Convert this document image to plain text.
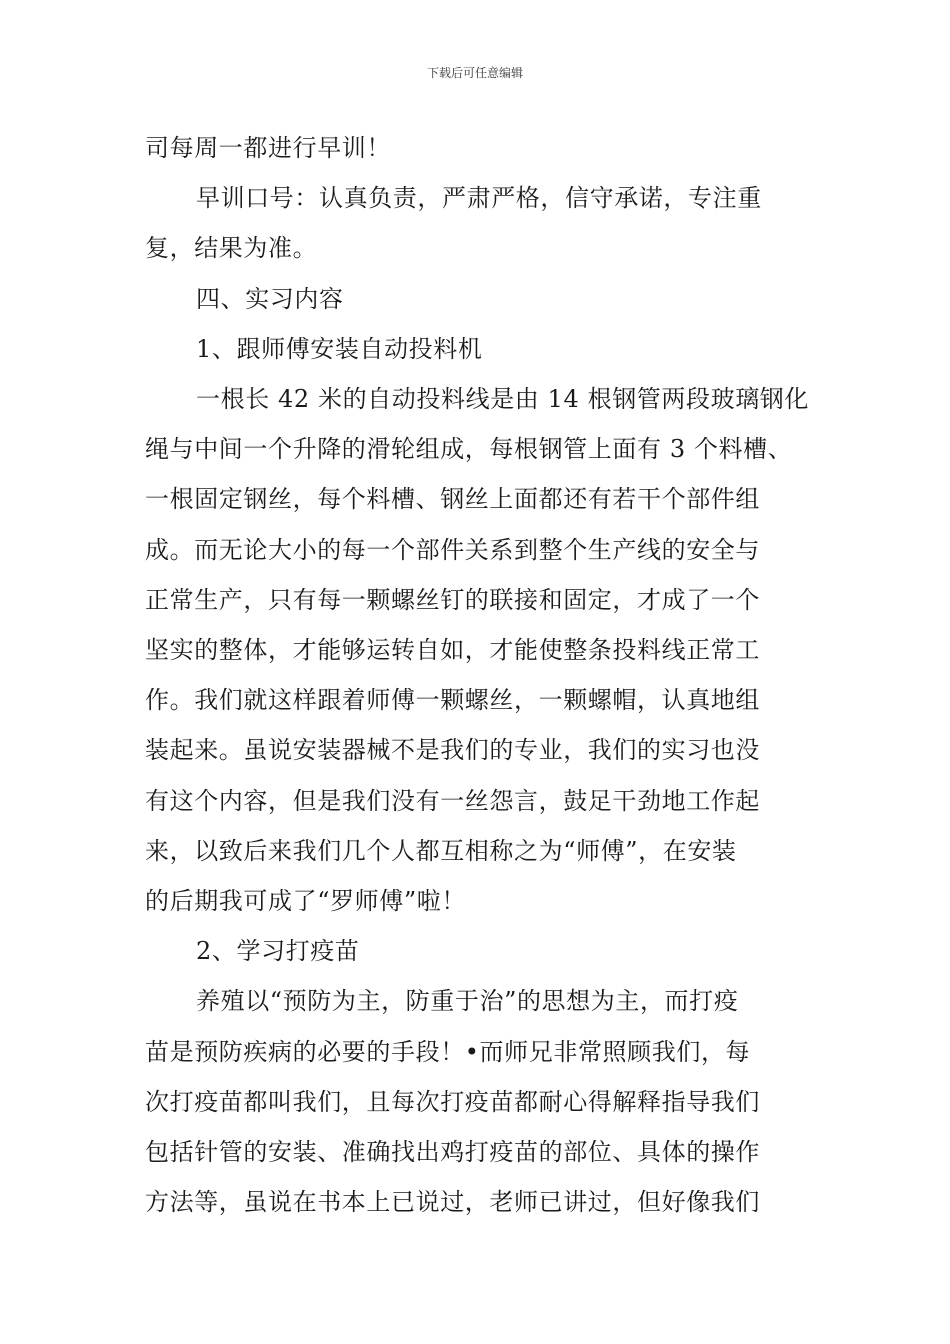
下载后可任意编辑
司每周一都进行早训！
早训口号：认真负责，严肃严格，信守承诺，专注重
复，结果为准。
四、实习内容
1、跟师傅安装自动投料机
一根长 42 米的自动投料线是由 14 根钢管两段玻璃钢化
绳与中间一个升降的滑轮组成，每根钢管上面有 3 个料槽、
一根固定钢丝，每个料槽、钢丝上面都还有若干个部件组
成。而无论大小的每一个部件关系到整个生产线的安全与
正常生产，只有每一颗螺丝钉的联接和固定，才成了一个
坚实的整体，才能够运转自如，才能使整条投料线正常工
作。我们就这样跟着师傅一颗螺丝，一颗螺帽，认真地组
装起来。虽说安装器械不是我们的专业，我们的实习也没
有这个内容，但是我们没有一丝怨言，鼓足干劲地工作起
来，以致后来我们几个人都互相称之为“师傅”，在安装
的后期我可成了“罗师傅”啦！
2、学习打疫苗
养殖以“预防为主，防重于治”的思想为主，而打疫
苗是预防疾病的必要的手段！•而师兄非常照顾我们，每
次打疫苗都叫我们，且每次打疫苗都耐心得解释指导我们
包括针管的安装、准确找出鸡打疫苗的部位、具体的操作
方法等，虽说在书本上已说过，老师已讲过，但好像我们
